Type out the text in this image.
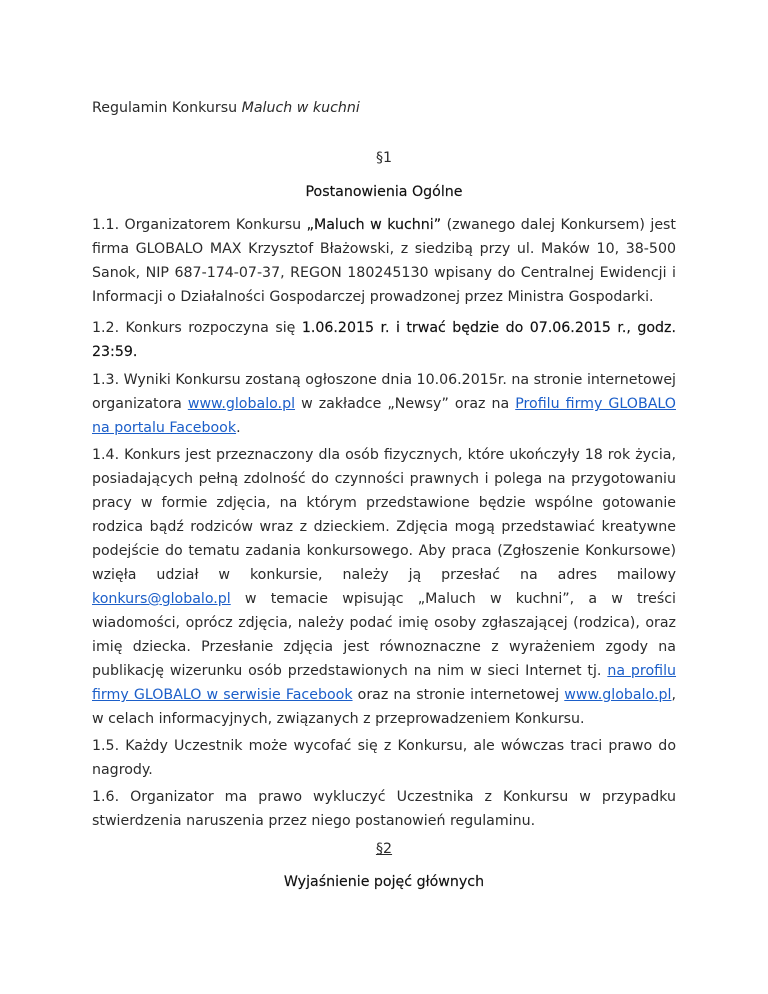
Regulamin Konkursu Maluch w kuchni
§1
Postanowienia Ogólne

1.1. Organizatorem Konkursu „Maluch w kuchni” (zwanego dalej Konkursem) jest firma GLOBALO MAX Krzysztof Błażowski, z siedzibą przy ul. Maków 10, 38-500 Sanok, NIP 687-174-07-37, REGON 180245130 wpisany do Centralnej Ewidencji i Informacji o Działalności Gospodarczej prowadzonej przez Ministra Gospodarki.

1.2. Konkurs rozpoczyna się 1.06.2015 r. i trwać będzie do 07.06.2015 r., godz. 23:59.

1.3. Wyniki Konkursu zostaną ogłoszone dnia 10.06.2015r. na stronie internetowej organizatora www.globalo.pl w zakładce „Newsy” oraz na Profilu firmy GLOBALO na portalu Facebook.

1.4. Konkurs jest przeznaczony dla osób fizycznych, które ukończyły 18 rok życia, posiadających pełną zdolność do czynności prawnych i polega na przygotowaniu pracy w formie zdjęcia, na którym przedstawione będzie wspólne gotowanie rodzica bądź rodziców wraz z dzieckiem. Zdjęcia mogą przedstawiać kreatywne podejście do tematu zadania konkursowego. Aby praca (Zgłoszenie Konkursowe) wzięła udział w konkursie, należy ją przesłać na adres mailowy konkurs@globalo.pl w temacie wpisując „Maluch w kuchni”, a w treści wiadomości, oprócz zdjęcia, należy podać imię osoby zgłaszającej (rodzica), oraz imię dziecka. Przesłanie zdjęcia jest równoznaczne z wyrażeniem zgody na publikację wizerunku osób przedstawionych na nim w sieci Internet tj. na profilu firmy GLOBALO w serwisie Facebook oraz na stronie internetowej www.globalo.pl, w celach informacyjnych, związanych z przeprowadzeniem Konkursu.

1.5. Każdy Uczestnik może wycofać się z Konkursu, ale wówczas traci prawo do nagrody.

1.6. Organizator ma prawo wykluczyć Uczestnika z Konkursu w przypadku stwierdzenia naruszenia przez niego postanowień regulaminu.

§2
Wyjaśnienie pojęć głównych
